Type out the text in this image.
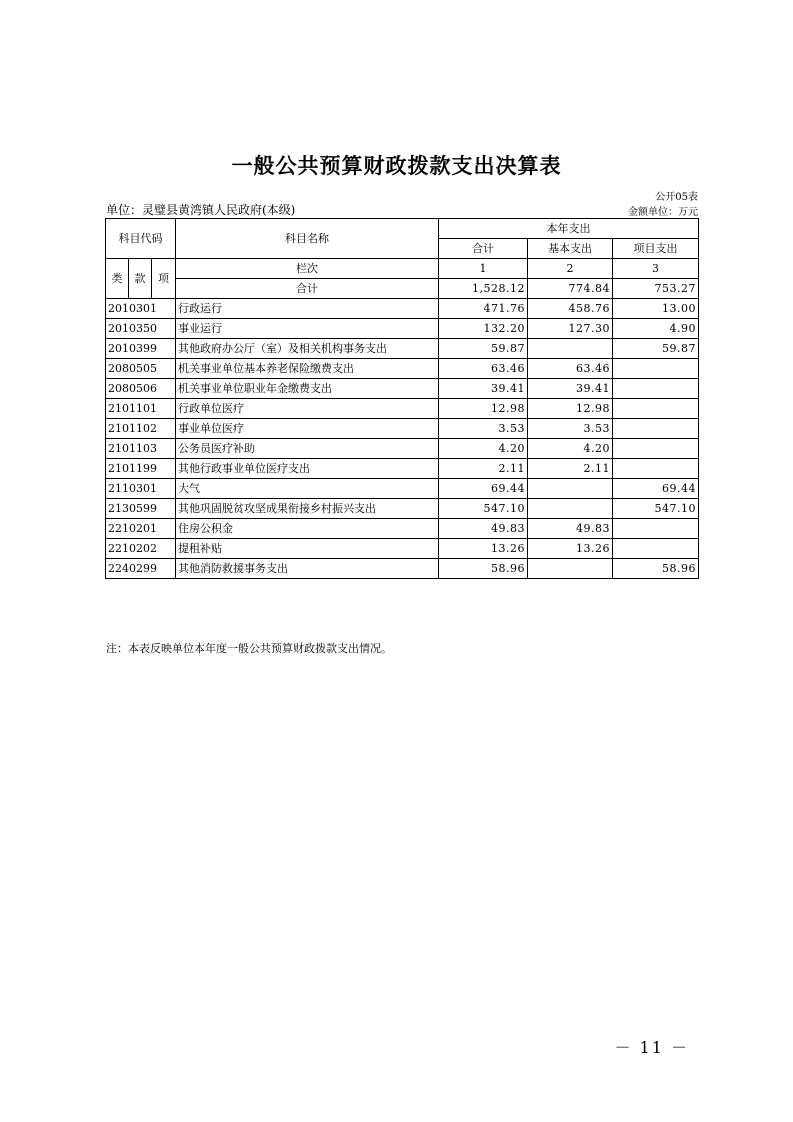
一般公共预算财政拨款支出决算表
公开05表
单位：灵璧县黄湾镇人民政府(本级)	金额单位：万元
科目代码			科目名称	本年支出		
				合计	基本支出	项目支出

类	款	项	栏次	1	2	3
			合计	1,528.12	774.84	753.27
2010301			行政运行	471.76	458.76	13.00
2010350			事业运行	132.20	127.30	4.90
2010399			其他政府办公厅（室）及相关机构事务支出	59.87		59.87
2080505			机关事业单位基本养老保险缴费支出	63.46	63.46	
2080506			机关事业单位职业年金缴费支出	39.41	39.41	
2101101			行政单位医疗	12.98	12.98	
2101102			事业单位医疗	3.53	3.53	
2101103			公务员医疗补助	4.20	4.20	
2101199			其他行政事业单位医疗支出	2.11	2.11	
2110301			大气	69.44		69.44
2130599			其他巩固脱贫攻坚成果衔接乡村振兴支出	547.10		547.10
2210201			住房公积金	49.83	49.83	
2210202			提租补贴	13.26	13.26	
2240299			其他消防救援事务支出	58.96		58.96
注：本表反映单位本年度一般公共预算财政拨款支出情况。
－ 11 －
